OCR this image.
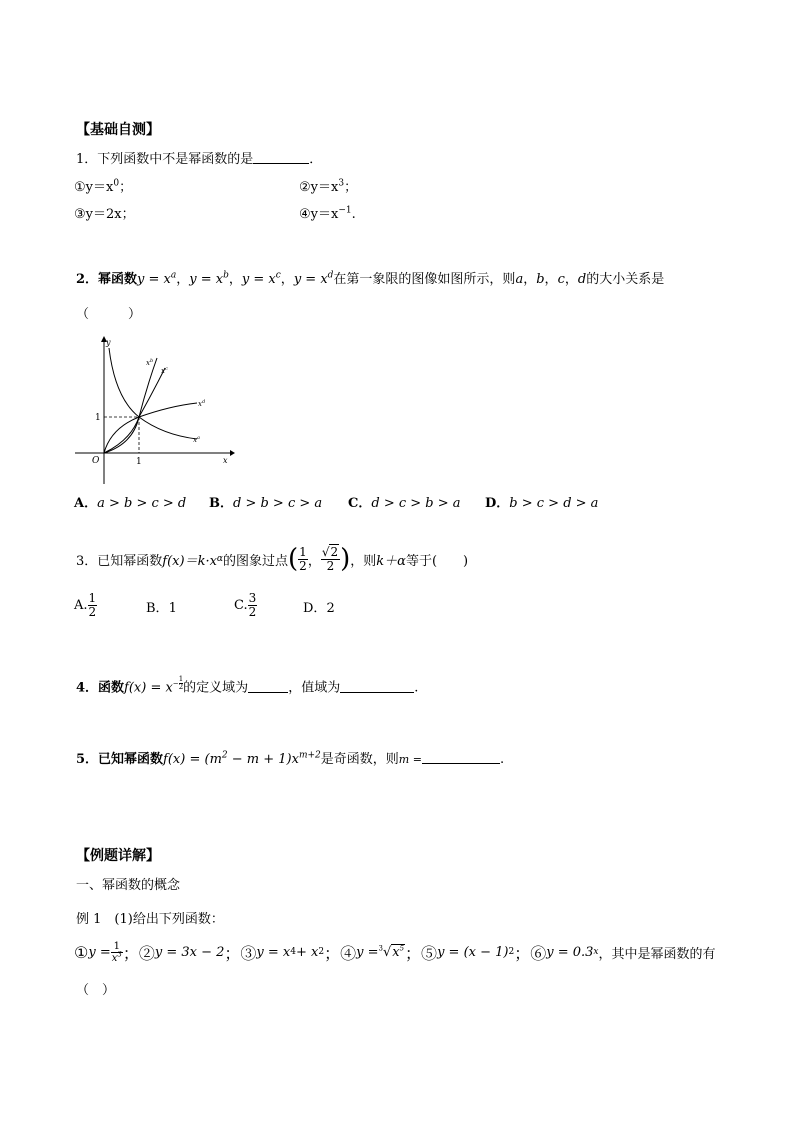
【基础自测】
1．下列函数中不是幂函数的是	．
$①y=x^0$；	$②y=x^3$；
③y＝2x；	$④y=x^{-1}$.
2．幂函数$y = x^a$，$y = x^b$，$y = x^c$，$y = x^d$在第一象限的图像如图所示，则a，b，c，d的大小关系是
（　　　）
y
x
O
1
1
$x^b$
$x^c$
$x^d$
$x^a$
A．a > b > c > d B．d > b > c > a C．d > c > b > a D．b > c > d > a
3．已知幂函数 f(x)＝k·x α 的图象过点 ( $\frac{1}{2}$ ， $\frac{√2}{2}$ ) ，则 k＋α 等于(　　)
A. $\frac{1}{2}$	B．1	C. $\frac{3}{2}$	D．2
4．函数$f(x) = x- \frac{1}{2}$ 的定义域为	，值域为	.
5．已知幂函数$f(x) = (m^2 - m + 1)x^{m+2}$是奇函数，则m =	.
【例题详解】
一、幂函数的概念
例 1　(1)给出下列函数：
① $y = \frac{1}{x^3}$ ；② y = 3x − 2 ；③ y = x 4 + x 2 ；④ $y = ^3√x^5$ ；⑤ y = (x − 1) 2 ；⑥ y = 0.3 x ，其中是幂函数的有
（　）
